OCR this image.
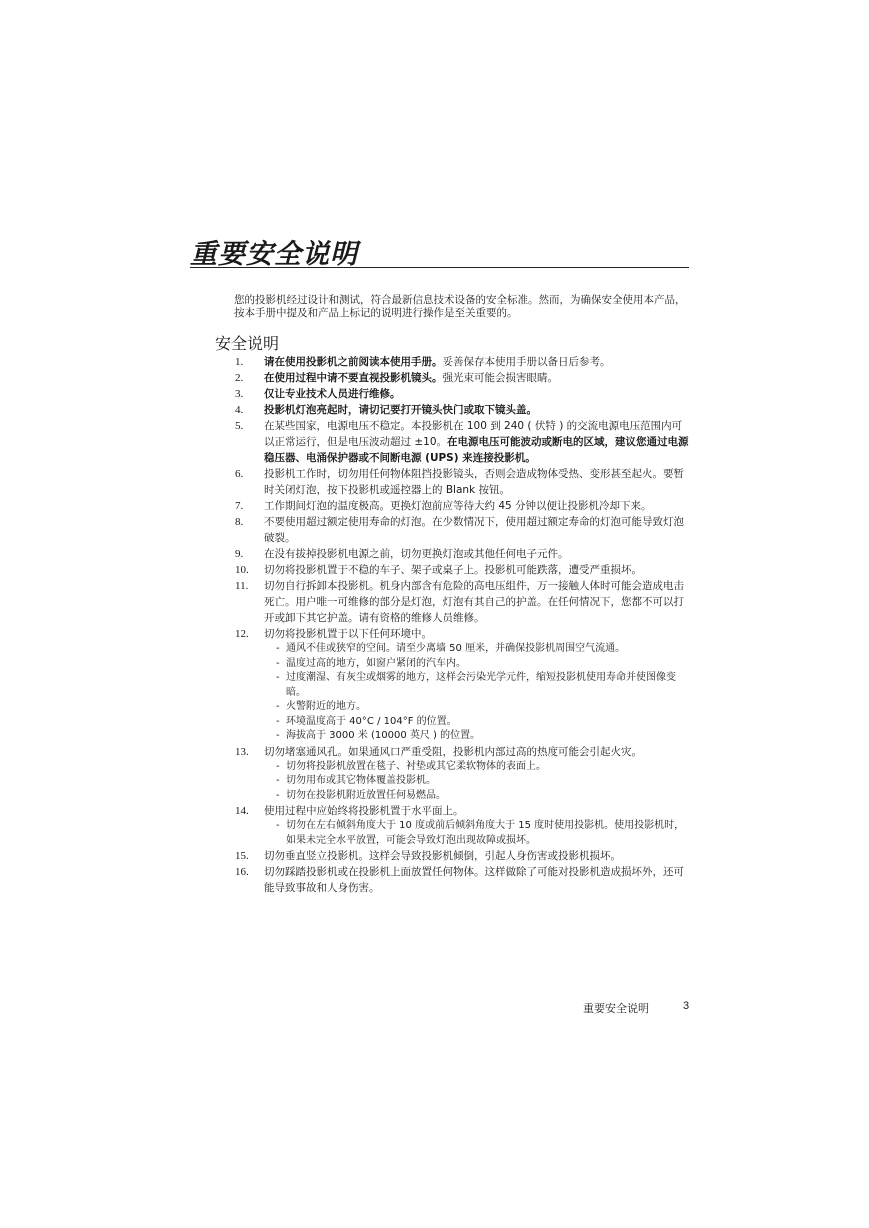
重要安全说明

您的投影机经过设计和测试，符合最新信息技术设备的安全标准。然而，为确保安全使用本产品，按本手册中提及和产品上标记的说明进行操作是至关重要的。

安全说明
1. 请在使用投影机之前阅读本使用手册。妥善保存本使用手册以备日后参考。
2. 在使用过程中请不要直视投影机镜头。强光束可能会损害眼睛。
3. 仅让专业技术人员进行维修。
4. 投影机灯泡亮起时，请切记要打开镜头快门或取下镜头盖。
5. 在某些国家，电源电压不稳定。本投影机在 100 到 240 ( 伏特 ) 的交流电源电压范围内可以正常运行，但是电压波动超过 ±10。在电源电压可能波动或断电的区域，建议您通过电源稳压器、电涌保护器或不间断电源 (UPS) 来连接投影机。
6. 投影机工作时，切勿用任何物体阻挡投影镜头，否则会造成物体受热、变形甚至起火。要暂时关闭灯泡，按下投影机或遥控器上的 Blank 按钮。
7. 工作期间灯泡的温度极高。更换灯泡前应等待大约 45 分钟以便让投影机冷却下来。
8. 不要使用超过额定使用寿命的灯泡。在少数情况下，使用超过额定寿命的灯泡可能导致灯泡破裂。
9. 在没有拔掉投影机电源之前，切勿更换灯泡或其他任何电子元件。
10. 切勿将投影机置于不稳的车子、架子或桌子上。投影机可能跌落，遭受严重损坏。
11. 切勿自行拆卸本投影机。机身内部含有危险的高电压组件，万一接触人体时可能会造成电击死亡。用户唯一可维修的部分是灯泡，灯泡有其自己的护盖。在任何情况下，您都不可以打开或卸下其它护盖。请有资格的维修人员维修。
12. 切勿将投影机置于以下任何环境中。
- 通风不佳或狭窄的空间。请至少离墙 50 厘米，并确保投影机周围空气流通。
- 温度过高的地方，如窗户紧闭的汽车内。
- 过度潮湿、有灰尘或烟雾的地方，这样会污染光学元件，缩短投影机使用寿命并使图像变暗。
- 火警附近的地方。
- 环境温度高于 40°C / 104°F 的位置。
- 海拔高于 3000 米 (10000 英尺 ) 的位置。
13. 切勿堵塞通风孔。如果通风口严重受阻，投影机内部过高的热度可能会引起火灾。
- 切勿将投影机放置在毯子、衬垫或其它柔软物体的表面上。
- 切勿用布或其它物体覆盖投影机。
- 切勿在投影机附近放置任何易燃品。
14. 使用过程中应始终将投影机置于水平面上。
- 切勿在左右倾斜角度大于 10 度或前后倾斜角度大于 15 度时使用投影机。使用投影机时，如果未完全水平放置，可能会导致灯泡出现故障或损坏。
15. 切勿垂直竖立投影机。这样会导致投影机倾倒，引起人身伤害或投影机损坏。
16. 切勿踩踏投影机或在投影机上面放置任何物体。这样做除了可能对投影机造成损坏外，还可能导致事故和人身伤害。

重要安全说明	3
